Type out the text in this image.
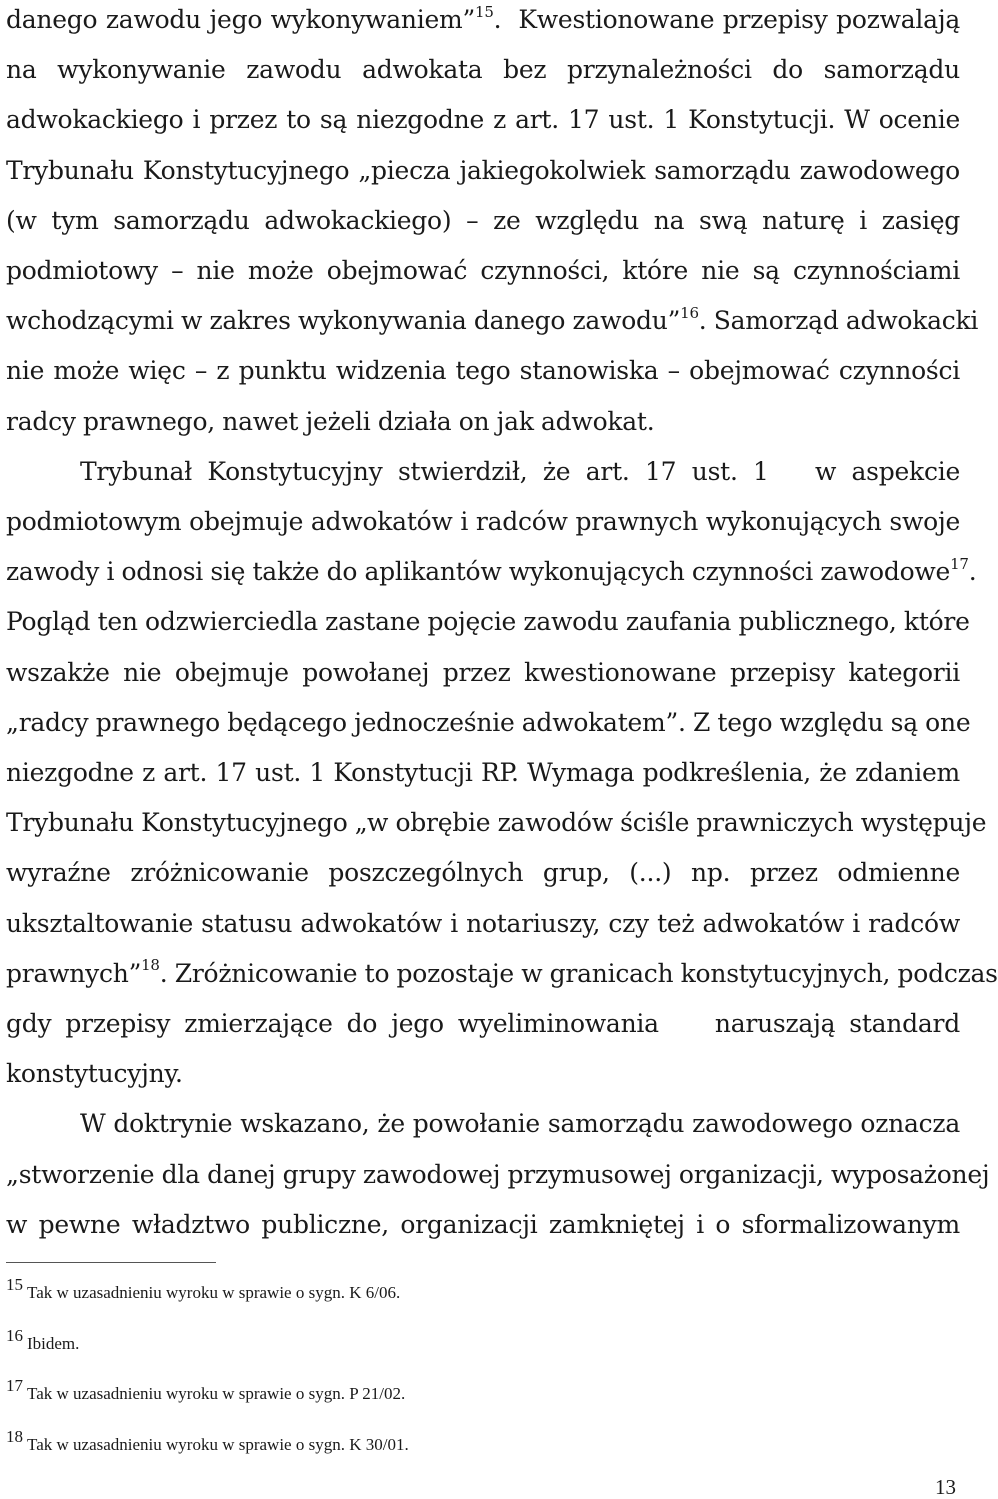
danego zawodu jego wykonywaniem”$^{15}$.  Kwestionowane przepisy pozwalają
na wykonywanie zawodu adwokata bez przynależności do samorządu
adwokackiego i przez to są niezgodne z art. 17 ust. 1 Konstytucji. W ocenie
Trybunału Konstytucyjnego „piecza jakiegokolwiek samorządu zawodowego
(w tym samorządu adwokackiego) – ze względu na swą naturę i zasięg
podmiotowy – nie może obejmować czynności, które nie są czynnościami
wchodzącymi w zakres wykonywania danego zawodu”$^{16}$. Samorząd adwokacki
nie może więc – z punktu widzenia tego stanowiska – obejmować czynności
radcy prawnego, nawet jeżeli działa on jak adwokat.
Trybunał Konstytucyjny stwierdził, że art. 17 ust. 1   w aspekcie
podmiotowym obejmuje adwokatów i radców prawnych wykonujących swoje
zawody i odnosi się także do aplikantów wykonujących czynności zawodowe$^{17}$.
Pogląd ten odzwierciedla zastane pojęcie zawodu zaufania publicznego, które
wszakże nie obejmuje powołanej przez kwestionowane przepisy kategorii
„radcy prawnego będącego jednocześnie adwokatem”. Z tego względu są one
niezgodne z art. 17 ust. 1 Konstytucji RP. Wymaga podkreślenia, że zdaniem
Trybunału Konstytucyjnego „w obrębie zawodów ściśle prawniczych występuje
wyraźne zróżnicowanie poszczególnych grup, (...) np. przez odmienne
uksztaltowanie statusu adwokatów i notariuszy, czy też adwokatów i radców
prawnych”$^{18}$. Zróżnicowanie to pozostaje w granicach konstytucyjnych, podczas
gdy przepisy zmierzające do jego wyeliminowania    naruszają standard
konstytucyjny.
W doktrynie wskazano, że powołanie samorządu zawodowego oznacza
„stworzenie dla danej grupy zawodowej przymusowej organizacji, wyposażonej
w pewne władztwo publiczne, organizacji zamkniętej i o sformalizowanym
15 Tak w uzasadnieniu wyroku w sprawie o sygn. K 6/06.
16 Ibidem.
17 Tak w uzasadnieniu wyroku w sprawie o sygn. P 21/02.
18 Tak w uzasadnieniu wyroku w sprawie o sygn. K 30/01.
13
